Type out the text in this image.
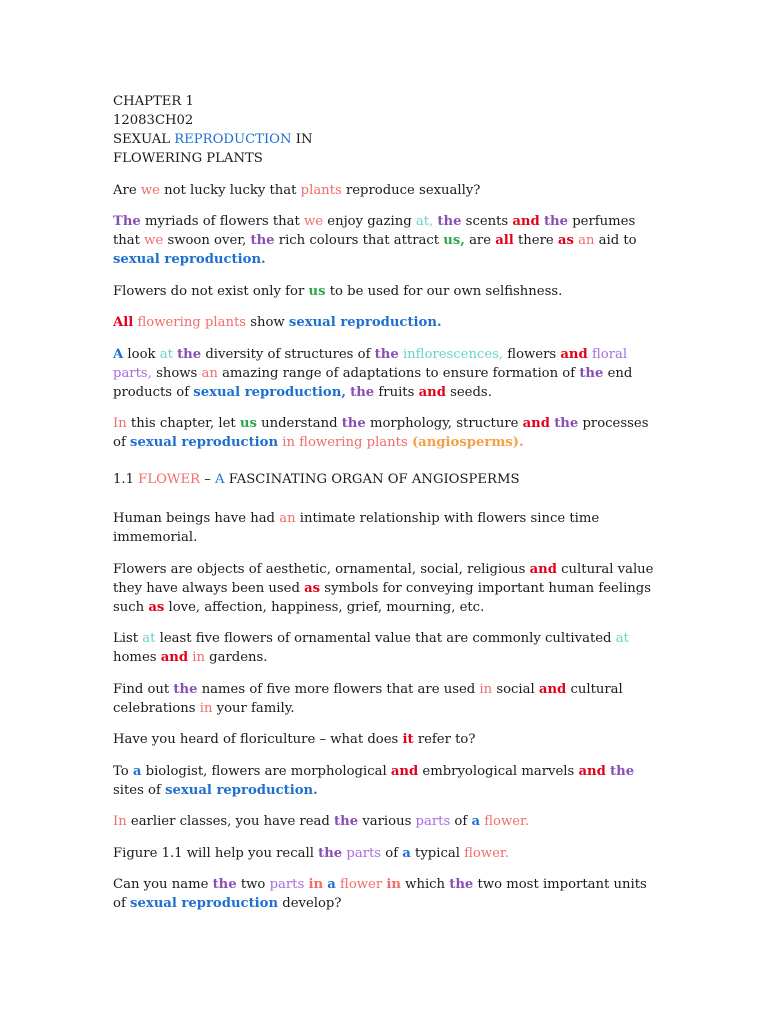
CHAPTER 1
12083CH02
SEXUAL REPRODUCTION IN
FLOWERING PLANTS

Are we not lucky lucky that plants reproduce sexually?

The myriads of flowers that we enjoy gazing at, the scents and the perfumes that we swoon over, the rich colours that attract us, are all there as an aid to sexual reproduction.

Flowers do not exist only for us to be used for our own selfishness.

All flowering plants show sexual reproduction.

A look at the diversity of structures of the inflorescences, flowers and floral parts, shows an amazing range of adaptations to ensure formation of the end products of sexual reproduction, the fruits and seeds.

In this chapter, let us understand the morphology, structure and the processes of sexual reproduction in flowering plants (angiosperms).

1.1 FLOWER – A FASCINATING ORGAN OF ANGIOSPERMS

Human beings have had an intimate relationship with flowers since time immemorial.

Flowers are objects of aesthetic, ornamental, social, religious and cultural value they have always been used as symbols for conveying important human feelings such as love, affection, happiness, grief, mourning, etc.

List at least five flowers of ornamental value that are commonly cultivated at homes and in gardens.

Find out the names of five more flowers that are used in social and cultural celebrations in your family.

Have you heard of floriculture – what does it refer to?

To a biologist, flowers are morphological and embryological marvels and the sites of sexual reproduction.

In earlier classes, you have read the various parts of a flower.

Figure 1.1 will help you recall the parts of a typical flower.

Can you name the two parts in a flower in which the two most important units of sexual reproduction develop?
